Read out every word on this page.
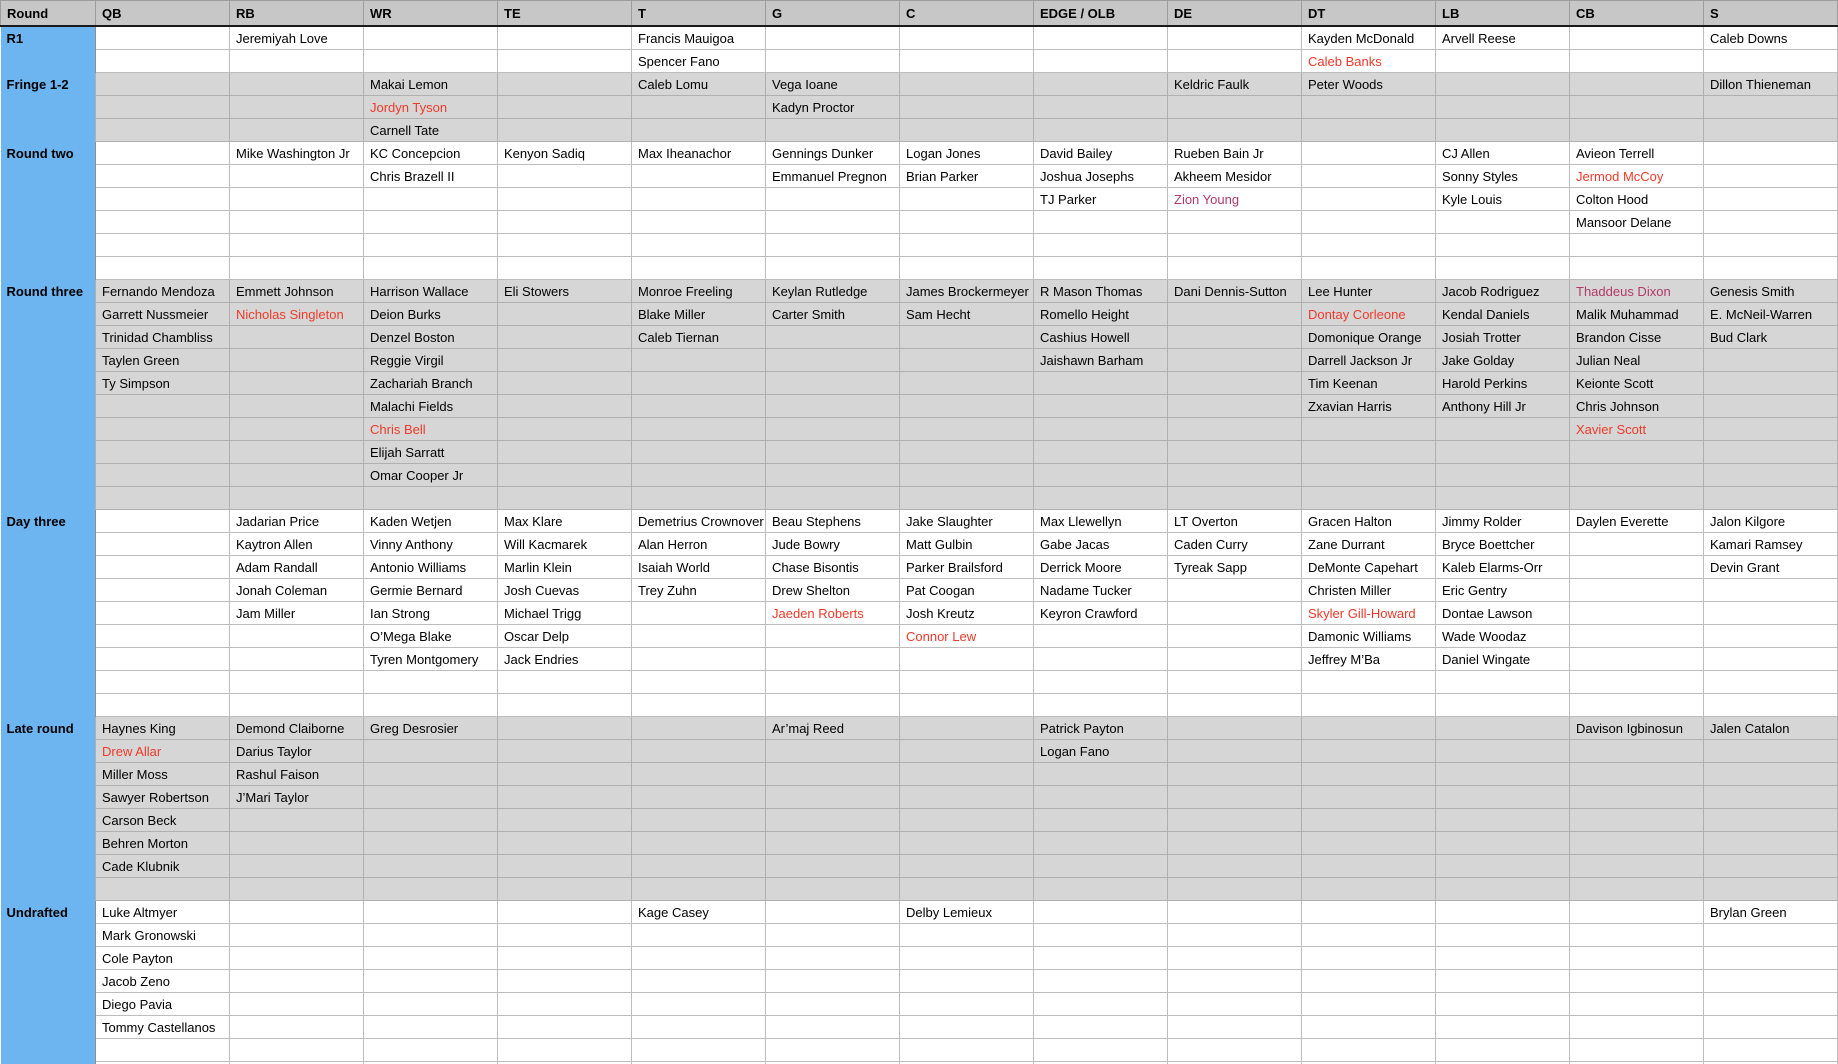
Round	QB	RB	WR	TE	T	G	C	EDGE / OLB	DE	DT	LB	CB	S
R1		Jeremiyah Love			Francis Mauigoa					Kayden McDonald	Arvell Reese		Caleb Downs
					Spencer Fano					Caleb Banks			
Fringe 1-2			Makai Lemon		Caleb Lomu	Vega Ioane			Keldric Faulk	Peter Woods			Dillon Thieneman
			Jordyn Tyson			Kadyn Proctor							
			Carnell Tate										
Round two		Mike Washington Jr	KC Concepcion	Kenyon Sadiq	Max Iheanachor	Gennings Dunker	Logan Jones	David Bailey	Rueben Bain Jr		CJ Allen	Avieon Terrell	
			Chris Brazell II			Emmanuel Pregnon	Brian Parker	Joshua Josephs	Akheem Mesidor		Sonny Styles	Jermod McCoy	
								TJ Parker	Zion Young		Kyle Louis	Colton Hood	
												Mansoor Delane	

Round three	Fernando Mendoza	Emmett Johnson	Harrison Wallace	Eli Stowers	Monroe Freeling	Keylan Rutledge	James Brockermeyer	R Mason Thomas	Dani Dennis-Sutton	Lee Hunter	Jacob Rodriguez	Thaddeus Dixon	Genesis Smith
	Garrett Nussmeier	Nicholas Singleton	Deion Burks		Blake Miller	Carter Smith	Sam Hecht	Romello Height		Dontay Corleone	Kendal Daniels	Malik Muhammad	E. McNeil-Warren
	Trinidad Chambliss		Denzel Boston		Caleb Tiernan			Cashius Howell		Domonique Orange	Josiah Trotter	Brandon Cisse	Bud Clark
	Taylen Green		Reggie Virgil					Jaishawn Barham		Darrell Jackson Jr	Jake Golday	Julian Neal	
	Ty Simpson		Zachariah Branch							Tim Keenan	Harold Perkins	Keionte Scott	
			Malachi Fields							Zxavian Harris	Anthony Hill Jr	Chris Johnson	
			Chris Bell									Xavier Scott	
			Elijah Sarratt										
			Omar Cooper Jr										

Day three		Jadarian Price	Kaden Wetjen	Max Klare	Demetrius Crownover	Beau Stephens	Jake Slaughter	Max Llewellyn	LT Overton	Gracen Halton	Jimmy Rolder	Daylen Everette	Jalon Kilgore
		Kaytron Allen	Vinny Anthony	Will Kacmarek	Alan Herron	Jude Bowry	Matt Gulbin	Gabe Jacas	Caden Curry	Zane Durrant	Bryce Boettcher		Kamari Ramsey
		Adam Randall	Antonio Williams	Marlin Klein	Isaiah World	Chase Bisontis	Parker Brailsford	Derrick Moore	Tyreak Sapp	DeMonte Capehart	Kaleb Elarms-Orr		Devin Grant
		Jonah Coleman	Germie Bernard	Josh Cuevas	Trey Zuhn	Drew Shelton	Pat Coogan	Nadame Tucker		Christen Miller	Eric Gentry		
		Jam Miller	Ian Strong	Michael Trigg		Jaeden Roberts	Josh Kreutz	Keyron Crawford		Skyler Gill-Howard	Dontae Lawson		
			O’Mega Blake	Oscar Delp			Connor Lew			Damonic Williams	Wade Woodaz		
			Tyren Montgomery	Jack Endries						Jeffrey M’Ba	Daniel Wingate		

Late round	Haynes King	Demond Claiborne	Greg Desrosier			Ar’maj Reed		Patrick Payton				Davison Igbinosun	Jalen Catalon
	Drew Allar	Darius Taylor						Logan Fano					
	Miller Moss	Rashul Faison											
	Sawyer Robertson	J’Mari Taylor											
	Carson Beck												
	Behren Morton												
	Cade Klubnik												

Undrafted	Luke Altmyer				Kage Casey		Delby Lemieux						Brylan Green
	Mark Gronowski												
	Cole Payton												
	Jacob Zeno												
	Diego Pavia												
	Tommy Castellanos												
